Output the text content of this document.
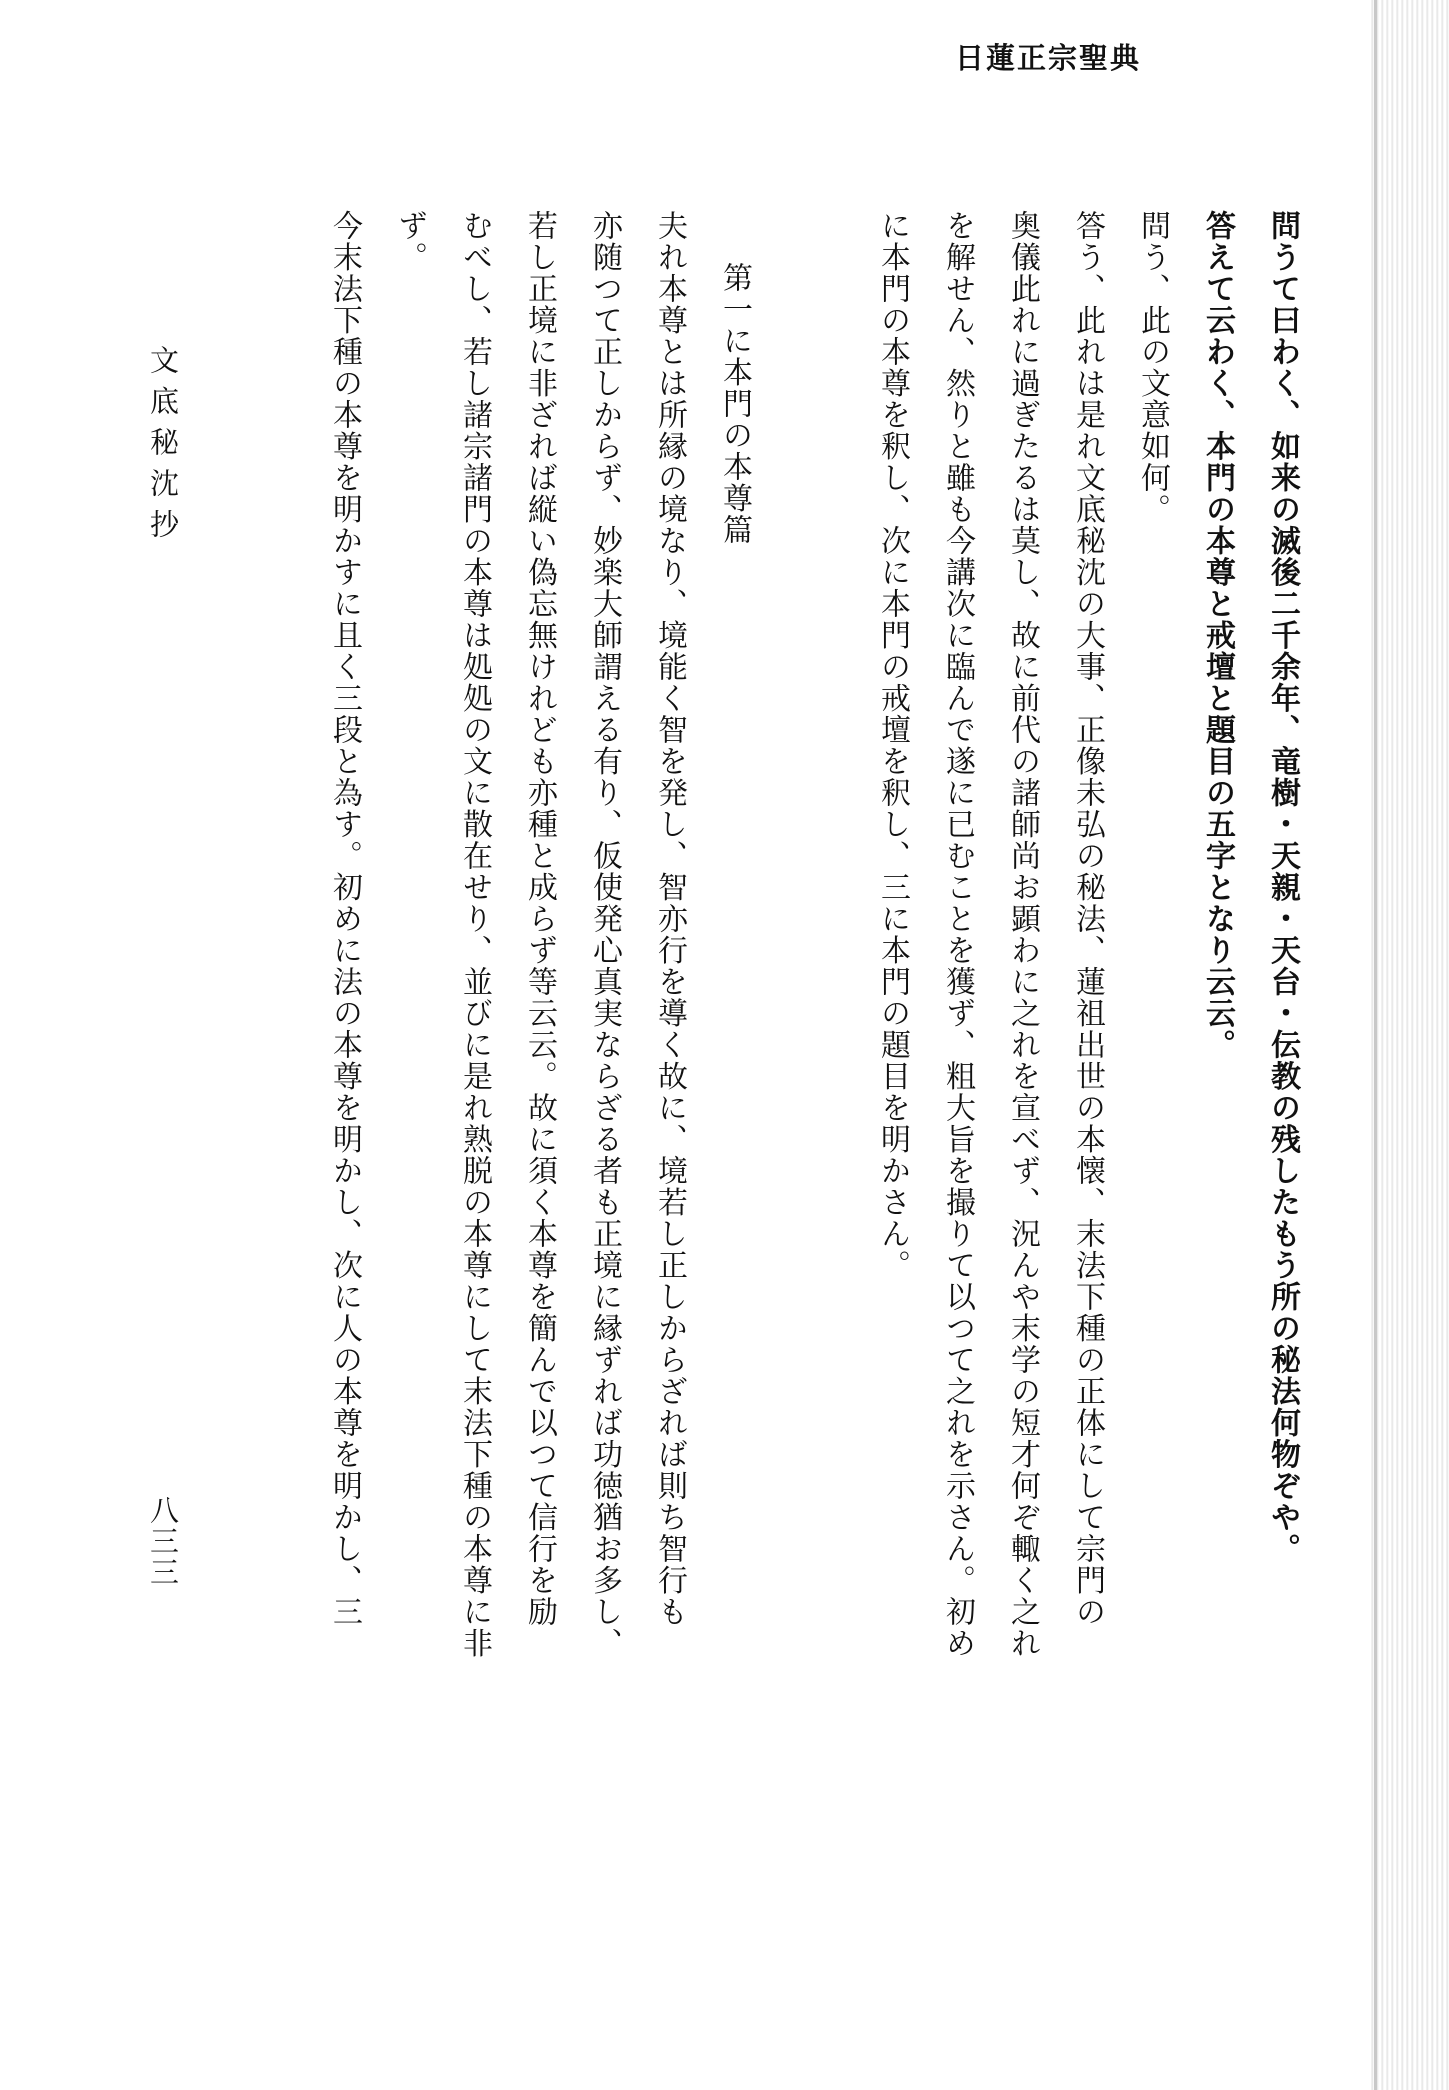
日蓮正宗聖典
問うて曰わく、如来の滅後二千余年、竜樹・天親・天台・伝教の残したもう所の秘法何物ぞや。
答えて云わく、本門の本尊と戒壇と題目の五字となり云云。
問う、此の文意如何。
答う、此れは是れ文底秘沈の大事、正像未弘の秘法、蓮祖出世の本懐、末法下種の正体にして宗門の
奥儀此れに過ぎたるは莫し、故に前代の諸師尚お顕わに之れを宣べず、況んや末学の短才何ぞ輙く之れ
を解せん、然りと雖も今講次に臨んで遂に已むことを獲ず、粗大旨を撮りて以つて之れを示さん。初め
に本門の本尊を釈し、次に本門の戒壇を釈し、三に本門の題目を明かさん。
第一に本門の本尊篇
夫れ本尊とは所縁の境なり、境能く智を発し、智亦行を導く故に、境若し正しからざれば則ち智行も
亦随つて正しからず、妙楽大師謂える有り、仮使発心真実ならざる者も正境に縁ずれば功徳猶お多し、
若し正境に非ざれば縦い偽忘無けれども亦種と成らず等云云。故に須く本尊を簡んで以つて信行を励
むべし、若し諸宗諸門の本尊は処処の文に散在せり、並びに是れ熟脱の本尊にして末法下種の本尊に非
ず。
今末法下種の本尊を明かすに且く三段と為す。初めに法の本尊を明かし、次に人の本尊を明かし、三
文底秘沈抄
八三三
